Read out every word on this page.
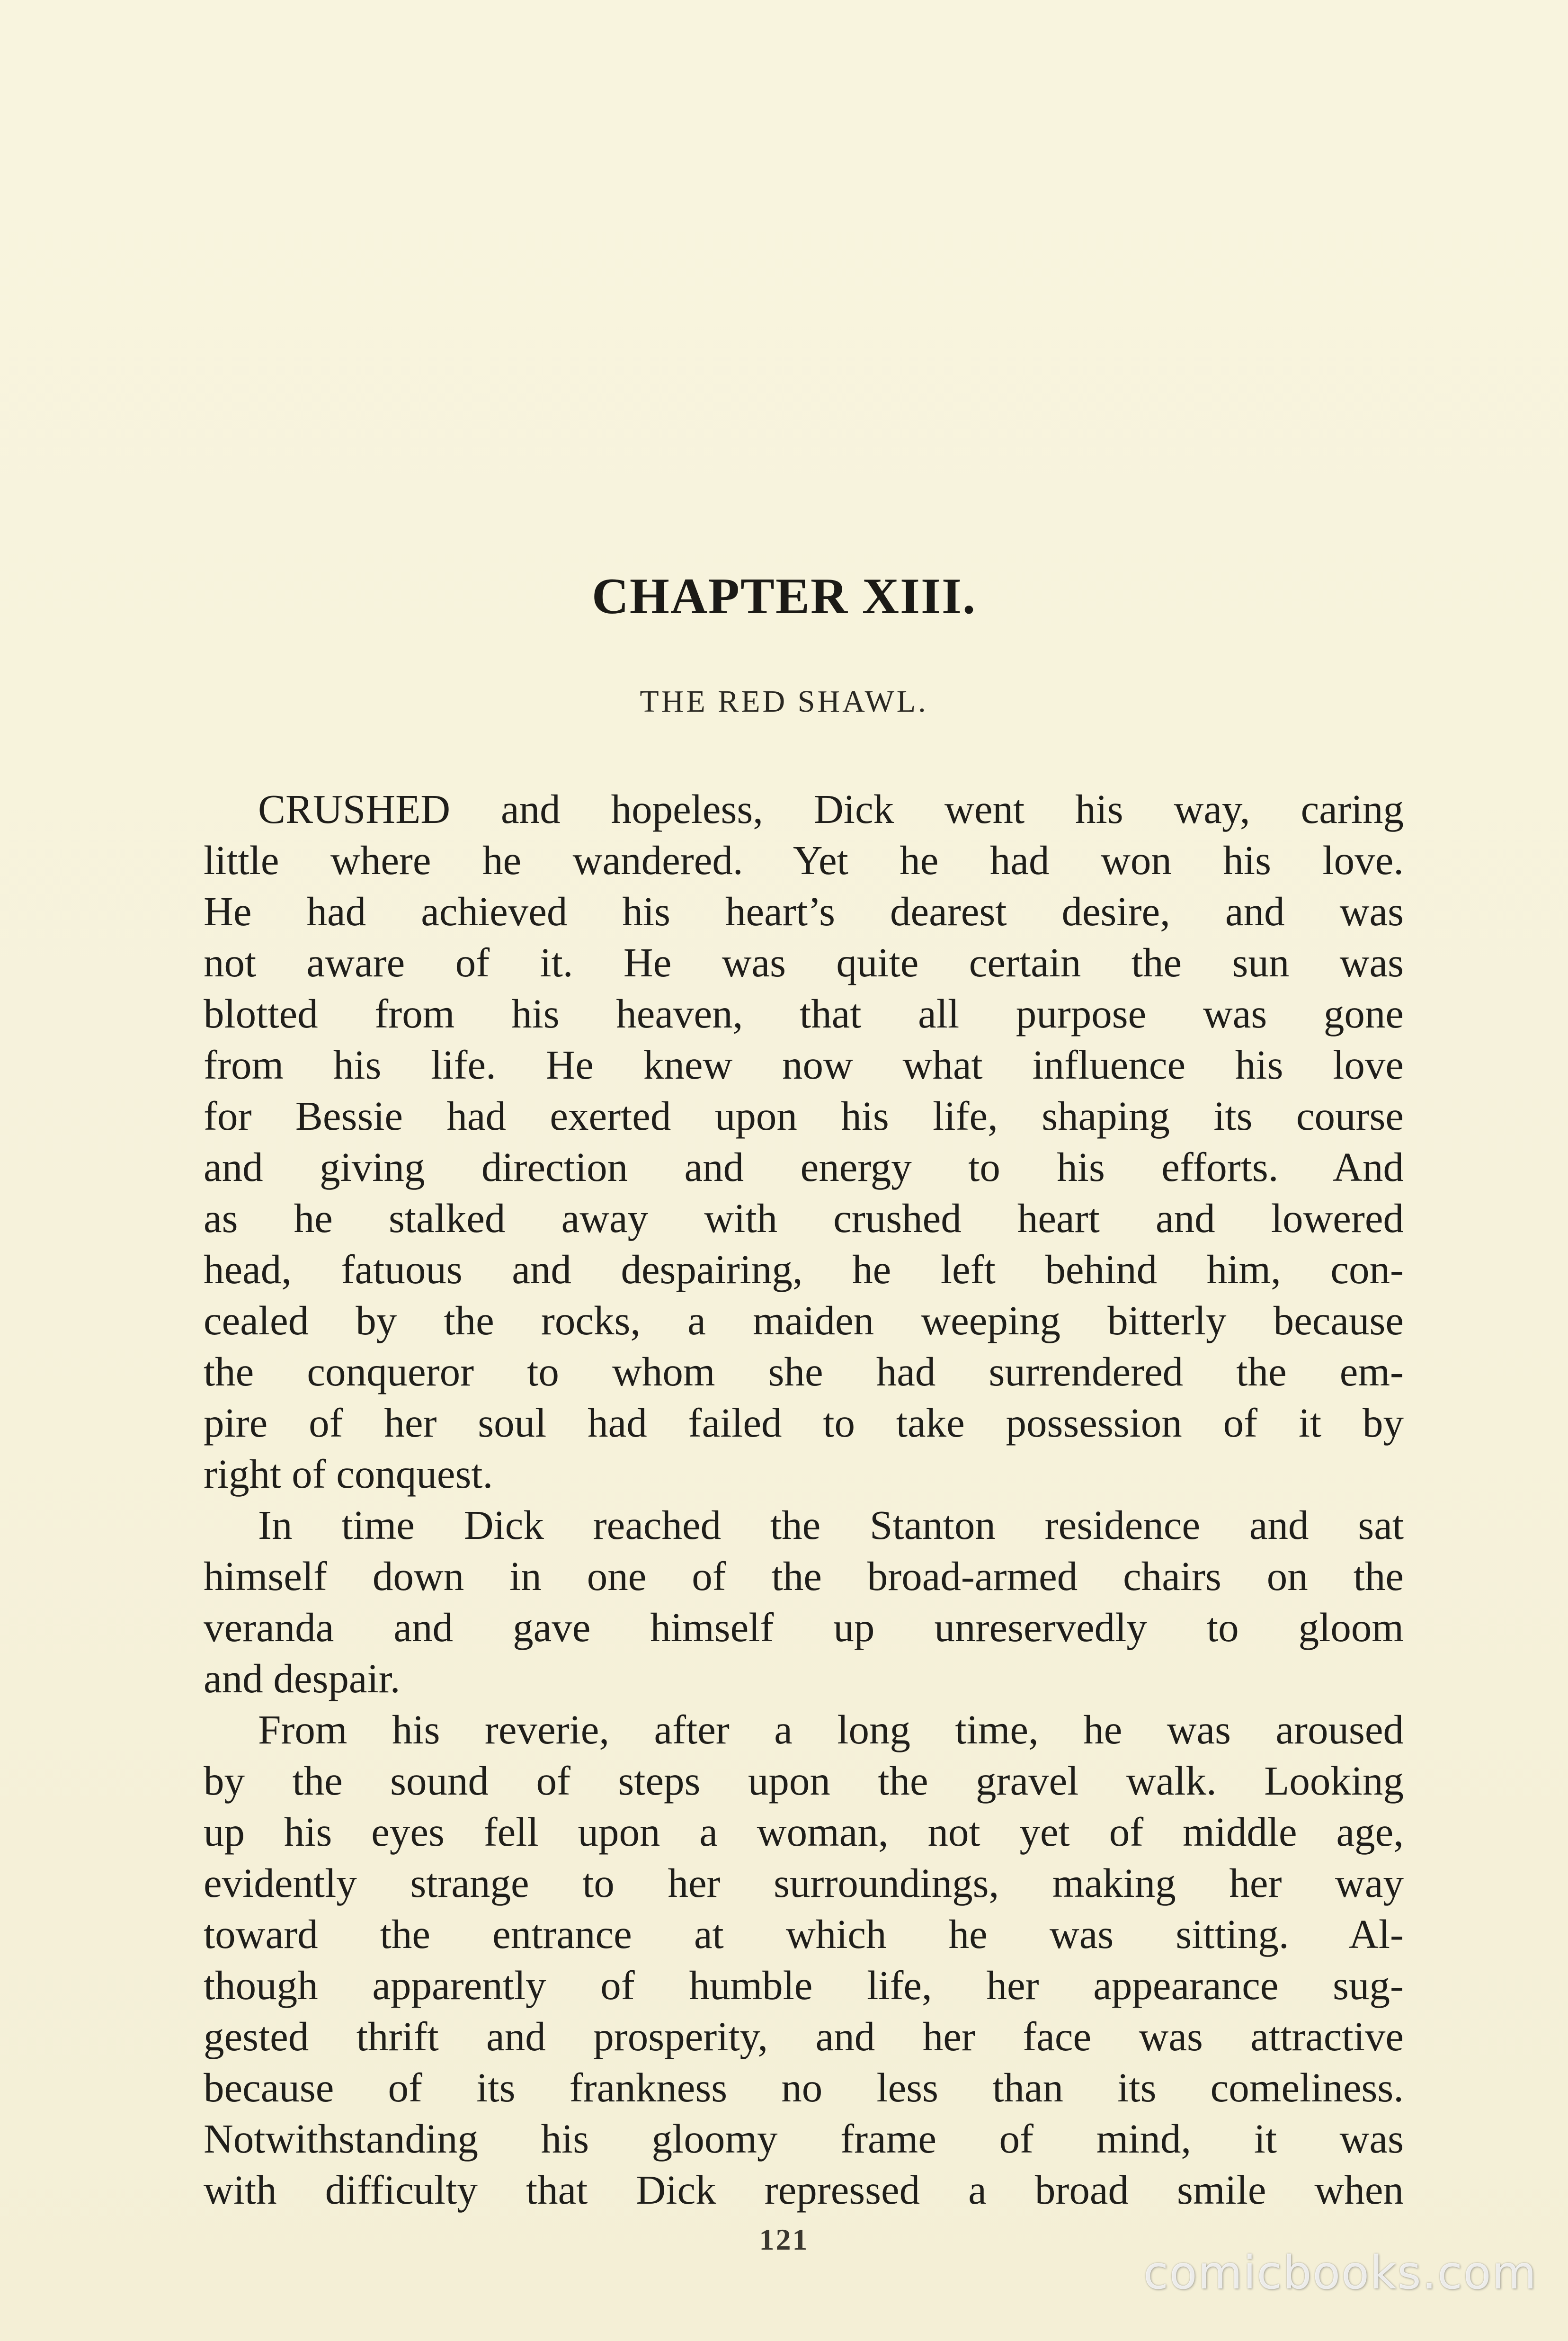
CHAPTER XIII.
THE RED SHAWL.
CRUSHED and hopeless, Dick went his way, caring
little where he wandered. Yet he had won his love.
He had achieved his heart’s dearest desire, and was
not aware of it. He was quite certain the sun was
blotted from his heaven, that all purpose was gone
from his life. He knew now what influence his love
for Bessie had exerted upon his life, shaping its course
and giving direction and energy to his efforts. And
as he stalked away with crushed heart and lowered
head, fatuous and despairing, he left behind him, con-
cealed by the rocks, a maiden weeping bitterly because
the conqueror to whom she had surrendered the em-
pire of her soul had failed to take possession of it by
right of conquest.
In time Dick reached the Stanton residence and sat
himself down in one of the broad-armed chairs on the
veranda and gave himself up unreservedly to gloom
and despair.
From his reverie, after a long time, he was aroused
by the sound of steps upon the gravel walk. Looking
up his eyes fell upon a woman, not yet of middle age,
evidently strange to her surroundings, making her way
toward the entrance at which he was sitting. Al-
though apparently of humble life, her appearance sug-
gested thrift and prosperity, and her face was attractive
because of its frankness no less than its comeliness.
Notwithstanding his gloomy frame of mind, it was
with difficulty that Dick repressed a broad smile when
121
comicbooks.com
